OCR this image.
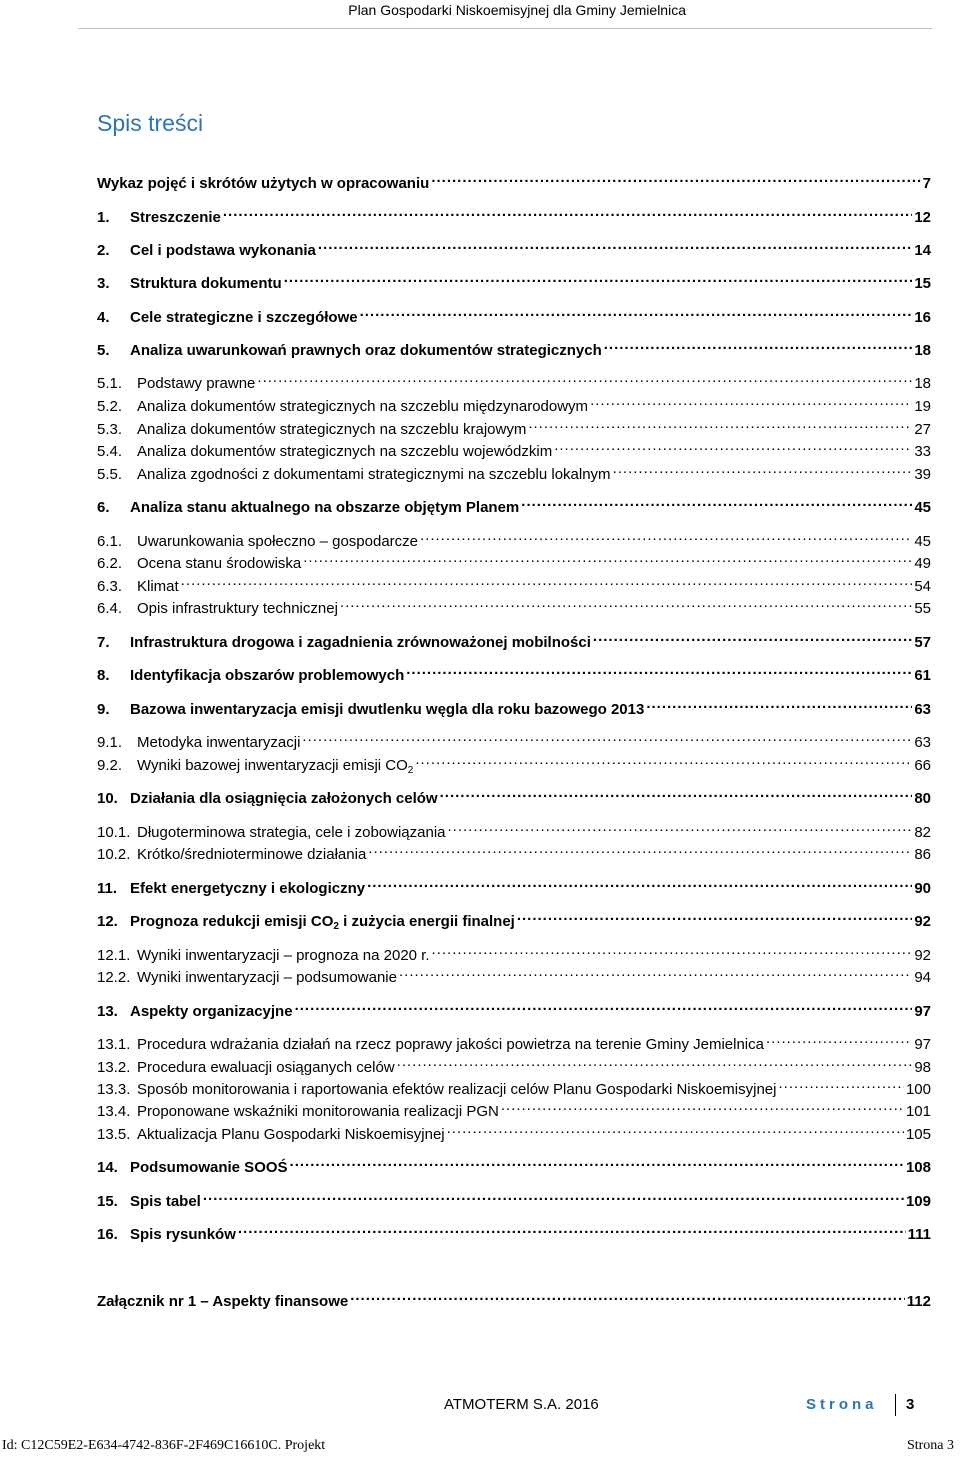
Plan Gospodarki Niskoemisyjnej dla Gminy Jemielnica
Spis treści
Wykaz pojęć i skrótów użytych w opracowaniu .....	7
1.	Streszczenie .....	12
2.	Cel i podstawa wykonania .....	14
3.	Struktura dokumentu .....	15
4.	Cele strategiczne i szczegółowe .....	16
5.	Analiza uwarunkowań prawnych oraz dokumentów strategicznych .....	18
5.1. Podstawy prawne .....	18
5.2. Analiza dokumentów strategicznych na szczeblu międzynarodowym .....	19
5.3. Analiza dokumentów strategicznych na szczeblu krajowym .....	27
5.4. Analiza dokumentów strategicznych na szczeblu wojewódzkim .....	33
5.5. Analiza zgodności z dokumentami strategicznymi na szczeblu lokalnym .....	39
6.	Analiza stanu aktualnego na obszarze objętym Planem .....	45
6.1. Uwarunkowania społeczno – gospodarcze .....	45
6.2. Ocena stanu środowiska .....	49
6.3. Klimat .....	54
6.4. Opis infrastruktury technicznej .....	55
7.	Infrastruktura drogowa i zagadnienia zrównoważonej mobilności .....	57
8.	Identyfikacja obszarów problemowych .....	61
9.	Bazowa inwentaryzacja emisji dwutlenku węgla dla roku bazowego 2013 .....	63
9.1. Metodyka inwentaryzacji .....	63
9.2. Wyniki bazowej inwentaryzacji emisji $CO_2$ .....	66
10. Działania dla osiągnięcia założonych celów .....	80
10.1. Długoterminowa strategia, cele i zobowiązania .....	82
10.2. Krótko/średnioterminowe działania .....	86
11. Efekt energetyczny i ekologiczny .....	90
12. Prognoza redukcji emisji $CO_2$ i zużycia energii finalnej .....	92
12.1. Wyniki inwentaryzacji – prognoza na 2020 r. .....	92
12.2. Wyniki inwentaryzacji – podsumowanie .....	94
13. Aspekty organizacyjne .....	97
13.1. Procedura wdrażania działań na rzecz poprawy jakości powietrza na terenie Gminy Jemielnica .....	97
13.2. Procedura ewaluacji osiąganych celów .....	98
13.3. Sposób monitorowania i raportowania efektów realizacji celów Planu Gospodarki Niskoemisyjnej .....	100
13.4. Proponowane wskaźniki monitorowania realizacji PGN .....	101
13.5. Aktualizacja Planu Gospodarki Niskoemisyjnej .....	105
14. Podsumowanie SOOŚ .....	108
15. Spis tabel .....	109
16. Spis rysunków .....	111
Załącznik nr 1 – Aspekty finansowe .....	112
ATMOTERM S.A. 2016	Strona 3
Id: C12C59E2-E634-4742-836F-2F469C16610C. Projekt	Strona 3
